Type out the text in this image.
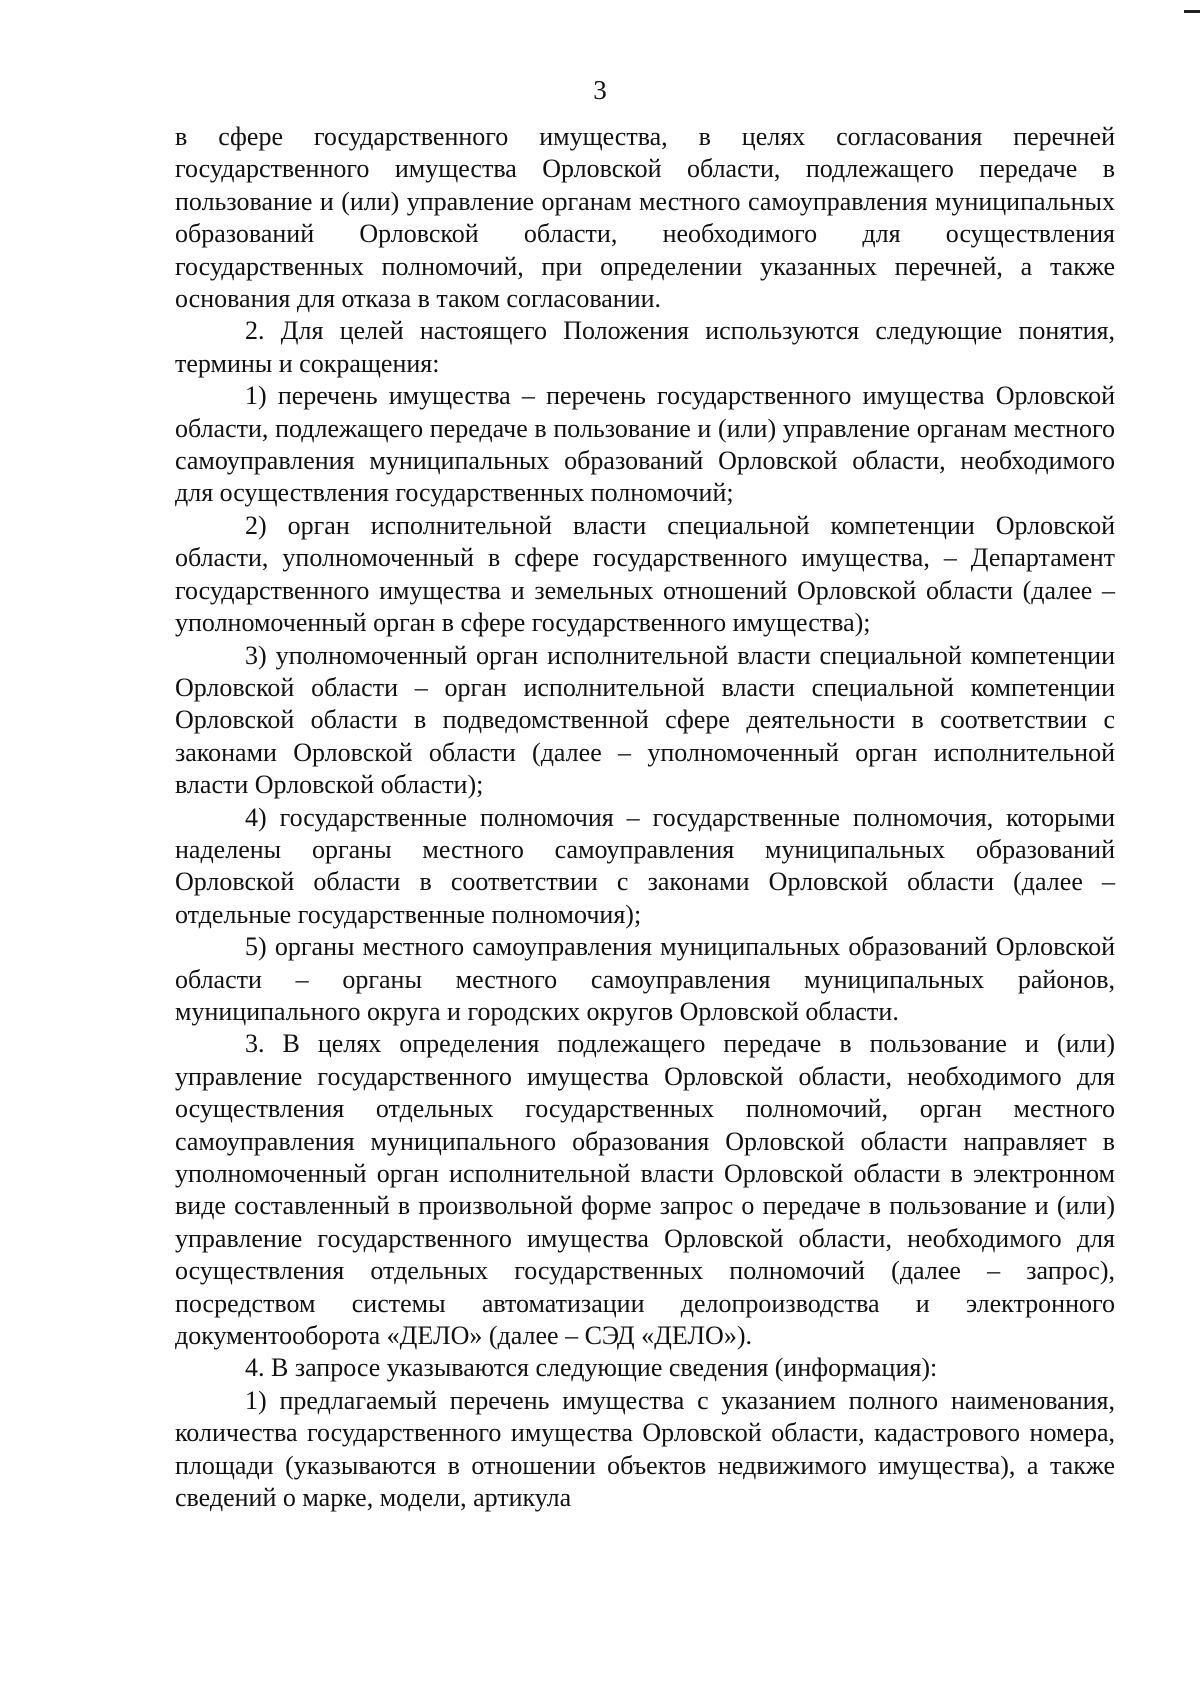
3

в сфере государственного имущества, в целях согласования перечней государственного имущества Орловской области, подлежащего передаче в пользование и (или) управление органам местного самоуправления муниципальных образований Орловской области, необходимого для осуществления государственных полномочий, при определении указанных перечней, а также основания для отказа в таком согласовании.

2. Для целей настоящего Положения используются следующие понятия, термины и сокращения:

1) перечень имущества – перечень государственного имущества Орловской области, подлежащего передаче в пользование и (или) управление органам местного самоуправления муниципальных образований Орловской области, необходимого для осуществления государственных полномочий;

2) орган исполнительной власти специальной компетенции Орловской области, уполномоченный в сфере государственного имущества, – Департамент государственного имущества и земельных отношений Орловской области (далее – уполномоченный орган в сфере государственного имущества);

3) уполномоченный орган исполнительной власти специальной компетенции Орловской области – орган исполнительной власти специальной компетенции Орловской области в подведомственной сфере деятельности в соответствии с законами Орловской области (далее – уполномоченный орган исполнительной власти Орловской области);

4) государственные полномочия – государственные полномочия, которыми наделены органы местного самоуправления муниципальных образований Орловской области в соответствии с законами Орловской области (далее – отдельные государственные полномочия);

5) органы местного самоуправления муниципальных образований Орловской области – органы местного самоуправления муниципальных районов, муниципального округа и городских округов Орловской области.

3. В целях определения подлежащего передаче в пользование и (или) управление государственного имущества Орловской области, необходимого для осуществления отдельных государственных полномочий, орган местного самоуправления муниципального образования Орловской области направляет в уполномоченный орган исполнительной власти Орловской области в электронном виде составленный в произвольной форме запрос о передаче в пользование и (или) управление государственного имущества Орловской области, необходимого для осуществления отдельных государственных полномочий (далее – запрос), посредством системы автоматизации делопроизводства и электронного документооборота «ДЕЛО» (далее – СЭД «ДЕЛО»).

4. В запросе указываются следующие сведения (информация):

1) предлагаемый перечень имущества с указанием полного наименования, количества государственного имущества Орловской области, кадастрового номера, площади (указываются в отношении объектов недвижимого имущества), а также сведений о марке, модели, артикула
